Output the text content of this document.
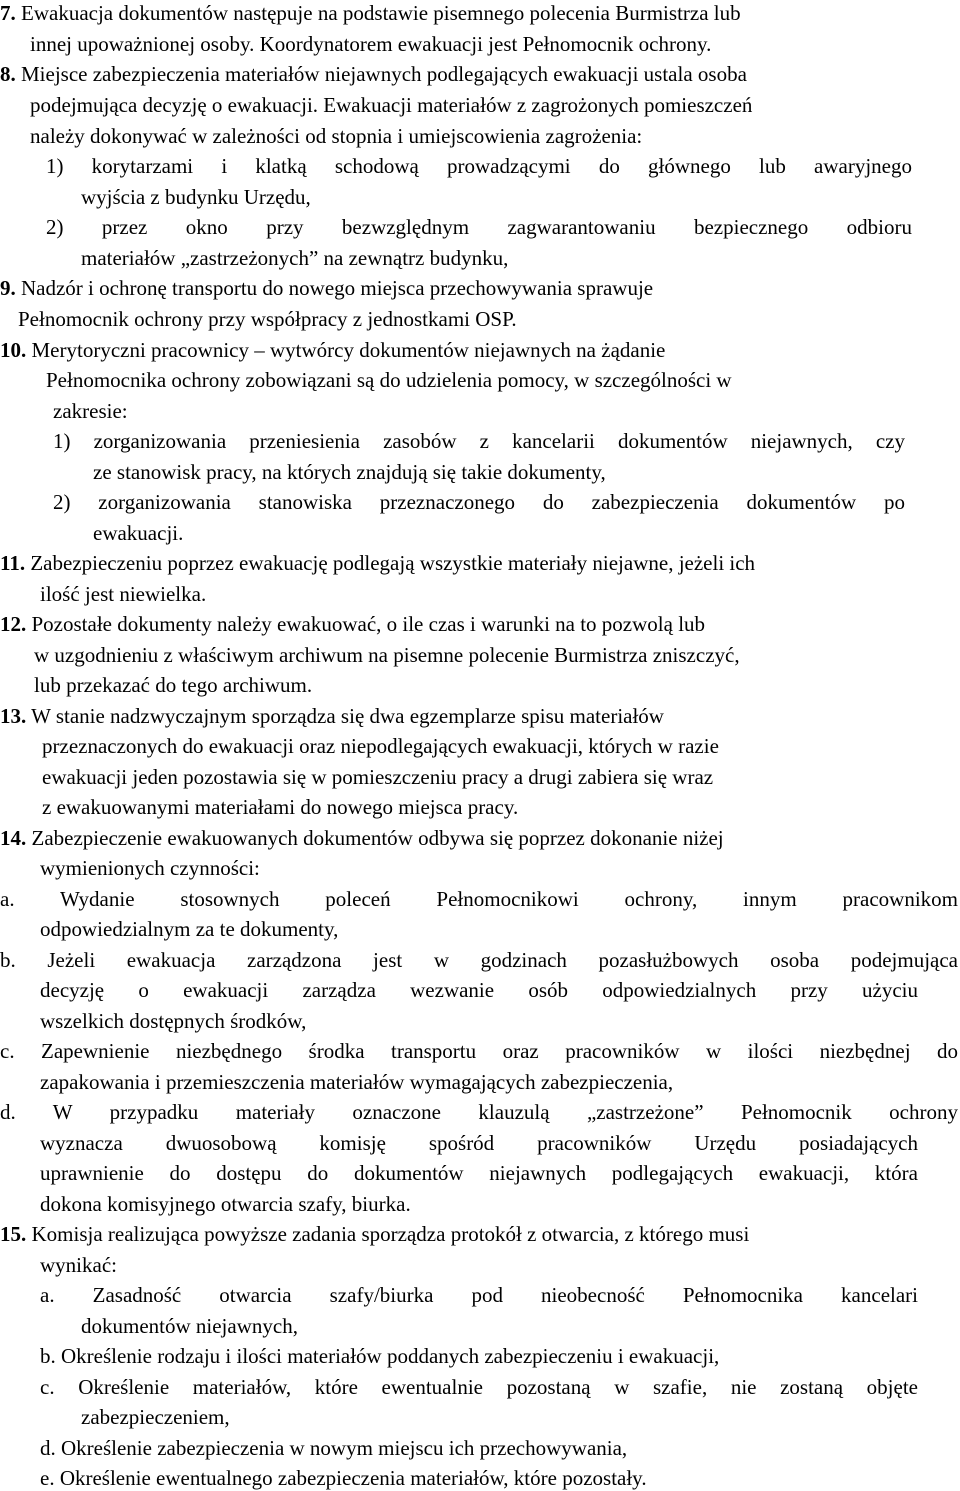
7. Ewakuacja dokumentów następuje na podstawie pisemnego polecenia Burmistrza lub
innej upoważnionej osoby. Koordynatorem ewakuacji jest Pełnomocnik ochrony.
8. Miejsce zabezpieczenia materiałów niejawnych podlegających ewakuacji ustala osoba
podejmująca decyzję o ewakuacji. Ewakuacji materiałów z zagrożonych pomieszczeń
należy dokonywać w zależności od stopnia i umiejscowienia zagrożenia:
1) korytarzami i klatką schodową prowadzącymi do głównego lub awaryjnego
wyjścia z budynku Urzędu,
2) przez okno przy bezwzględnym zagwarantowaniu bezpiecznego odbioru
materiałów „zastrzeżonych” na zewnątrz budynku,
9. Nadzór i ochronę transportu do nowego miejsca przechowywania sprawuje
Pełnomocnik ochrony przy współpracy z jednostkami OSP.
10. Merytoryczni pracownicy – wytwórcy dokumentów niejawnych na żądanie
Pełnomocnika ochrony zobowiązani są do udzielenia pomocy, w szczególności w
zakresie:
1) zorganizowania przeniesienia zasobów z kancelarii dokumentów niejawnych, czy
ze stanowisk pracy, na których znajdują się takie dokumenty,
2) zorganizowania stanowiska przeznaczonego do zabezpieczenia dokumentów po
ewakuacji.
11. Zabezpieczeniu poprzez ewakuację podlegają wszystkie materiały niejawne, jeżeli ich
ilość jest niewielka.
12. Pozostałe dokumenty należy ewakuować, o ile czas i warunki na to pozwolą lub
w uzgodnieniu z właściwym archiwum na pisemne polecenie Burmistrza zniszczyć,
lub przekazać do tego archiwum.
13. W stanie nadzwyczajnym sporządza się dwa egzemplarze spisu materiałów
przeznaczonych do ewakuacji oraz niepodlegających ewakuacji, których w razie
ewakuacji jeden pozostawia się w pomieszczeniu pracy a drugi zabiera się wraz
z ewakuowanymi materiałami do nowego miejsca pracy.
14. Zabezpieczenie ewakuowanych dokumentów odbywa się poprzez dokonanie niżej
wymienionych czynności:
a. Wydanie stosownych poleceń Pełnomocnikowi ochrony, innym pracownikom
odpowiedzialnym za te dokumenty,
b. Jeżeli ewakuacja zarządzona jest w godzinach pozasłużbowych osoba podejmująca
decyzję o ewakuacji zarządza wezwanie osób odpowiedzialnych przy użyciu
wszelkich dostępnych środków,
c. Zapewnienie niezbędnego środka transportu oraz pracowników w ilości niezbędnej do
zapakowania i przemieszczenia materiałów wymagających zabezpieczenia,
d. W przypadku materiały oznaczone klauzulą „zastrzeżone” Pełnomocnik ochrony
wyznacza dwuosobową komisję spośród pracowników Urzędu posiadających
uprawnienie do dostępu do dokumentów niejawnych podlegających ewakuacji, która
dokona komisyjnego otwarcia szafy, biurka.
15. Komisja realizująca powyższe zadania sporządza protokół z otwarcia, z którego musi
wynikać:
a. Zasadność otwarcia szafy/biurka pod nieobecność Pełnomocnika kancelari
dokumentów niejawnych,
b. Określenie rodzaju i ilości materiałów poddanych zabezpieczeniu i ewakuacji,
c. Określenie materiałów, które ewentualnie pozostaną w szafie, nie zostaną objęte
zabezpieczeniem,
d. Określenie zabezpieczenia w nowym miejscu ich przechowywania,
e. Określenie ewentualnego zabezpieczenia materiałów, które pozostały.
